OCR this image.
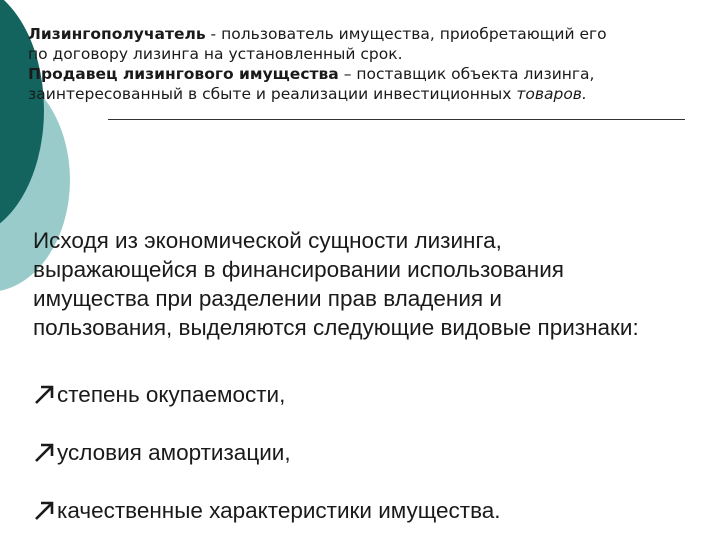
Лизингополучатель - пользователь имущества, приобретающий его

по договору лизинга на установленный срок.

Продавец лизингового имущества – поставщик объекта лизинга,

заинтересованный в сбыте и реализации инвестиционных товаров.

Исходя из экономической сущности лизинга,
выражающейся в финансировании использования
имущества при разделении прав владения и
пользования, выделяются следующие видовые признаки:
степень окупаемости,
условия амортизации,
качественные характеристики имущества.
